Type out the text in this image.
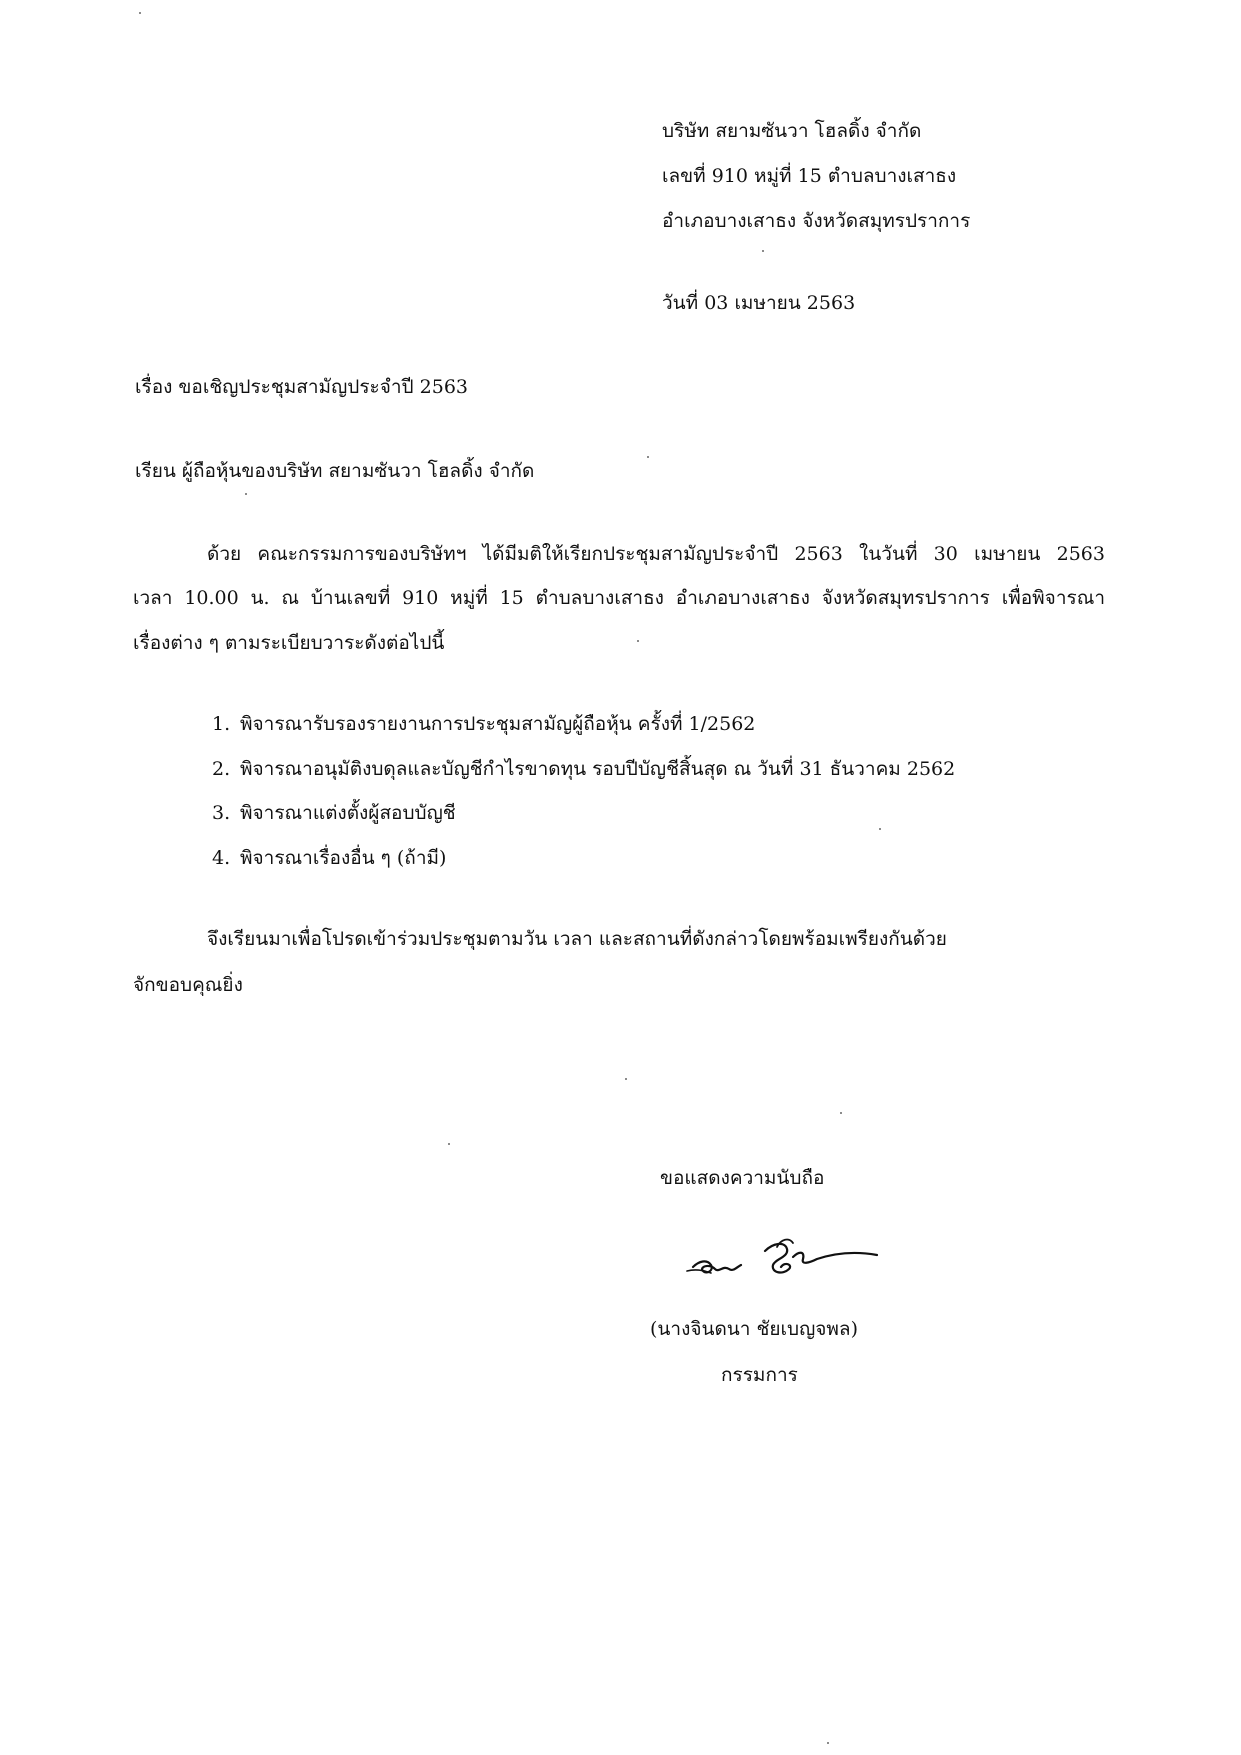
บริษัท สยามซันวา โฮลดิ้ง จำกัด
เลขที่ 910 หมู่ที่ 15 ตำบลบางเสาธง
อำเภอบางเสาธง จังหวัดสมุทรปราการ
วันที่ 03 เมษายน 2563
เรื่อง ขอเชิญประชุมสามัญประจำปี 2563
เรียน ผู้ถือหุ้นของบริษัท สยามซันวา โฮลดิ้ง จำกัด
ด้วย คณะกรรมการของบริษัทฯ ได้มีมติให้เรียกประชุมสามัญประจำปี 2563 ในวันที่ 30 เมษายน 2563
เวลา 10.00 น. ณ บ้านเลขที่ 910 หมู่ที่ 15 ตำบลบางเสาธง อำเภอบางเสาธง จังหวัดสมุทรปราการ เพื่อพิจารณา
เรื่องต่าง ๆ ตามระเบียบวาระดังต่อไปนี้
1. พิจารณารับรองรายงานการประชุมสามัญผู้ถือหุ้น ครั้งที่ 1/2562
2. พิจารณาอนุมัติงบดุลและบัญชีกำไรขาดทุน รอบปีบัญชีสิ้นสุด ณ วันที่ 31 ธันวาคม 2562
3. พิจารณาแต่งตั้งผู้สอบบัญชี
4. พิจารณาเรื่องอื่น ๆ (ถ้ามี)
จึงเรียนมาเพื่อโปรดเข้าร่วมประชุมตามวัน เวลา และสถานที่ดังกล่าวโดยพร้อมเพรียงกันด้วย
จักขอบคุณยิ่ง
ขอแสดงความนับถือ
(นางจินดนา ชัยเบญจพล)
กรรมการ
